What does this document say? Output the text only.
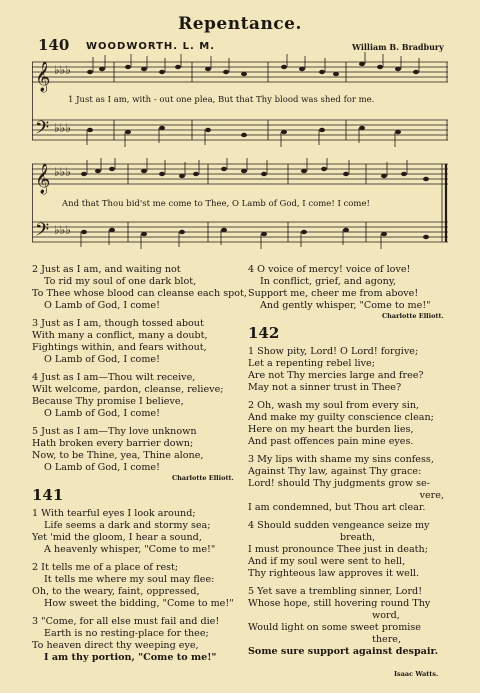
Repentance.
140 WOODWORTH. L. M.	William B. Bradbury
𝄞
𝄢
♭♭♭
♭♭♭
1 Just as I am, with - out one plea, But that Thy blood was shed for me.
𝄞
𝄢
♭♭♭
♭♭♭
And that Thou bid'st me come to Thee, O Lamb of God, I come! I come!
2 Just as I am, and waiting not
To rid my soul of one dark blot,
To Thee whose blood can cleanse each spot,
O Lamb of God, I come!
3 Just as I am, though tossed about
With many a conflict, many a doubt,
Fightings within, and fears without,
O Lamb of God, I come!
4 Just as I am—Thou wilt receive,
Wilt welcome, pardon, cleanse, relieve;
Because Thy promise I believe,
O Lamb of God, I come!
5 Just as I am—Thy love unknown
Hath broken every barrier down;
Now, to be Thine, yea, Thine alone,
O Lamb of God, I come!
Charlotte Elliott.
141
1 With tearful eyes I look around;
Life seems a dark and stormy sea;
Yet 'mid the gloom, I hear a sound,
A heavenly whisper, "Come to me!"
2 It tells me of a place of rest;
It tells me where my soul may flee:
Oh, to the weary, faint, oppressed,
How sweet the bidding, "Come to me!"
3 "Come, for all else must fail and die!
Earth is no resting-place for thee;
To heaven direct thy weeping eye,
I am thy portion, "Come to me!"
4 O voice of mercy! voice of love!
In conflict, grief, and agony,
Support me, cheer me from above!
And gently whisper, "Come to me!"
Charlotte Elliott.
142
1 Show pity, Lord! O Lord! forgive;
Let a repenting rebel live;
Are not Thy mercies large and free?
May not a sinner trust in Thee?
2 Oh, wash my soul from every sin,
And make my guilty conscience clean;
Here on my heart the burden lies,
And past offences pain mine eyes.
3 My lips with shame my sins confess,
Against Thy law, against Thy grace:
Lord! should Thy judgments grow se-
vere,
I am condemned, but Thou art clear.
4 Should sudden vengeance seize my
breath,
I must pronounce Thee just in death;
And if my soul were sent to hell,
Thy righteous law approves it well.
5 Yet save a trembling sinner, Lord!
Whose hope, still hovering round Thy
word,
Would light on some sweet promise
there,
Some sure support against despair.
Isaac Watts.
